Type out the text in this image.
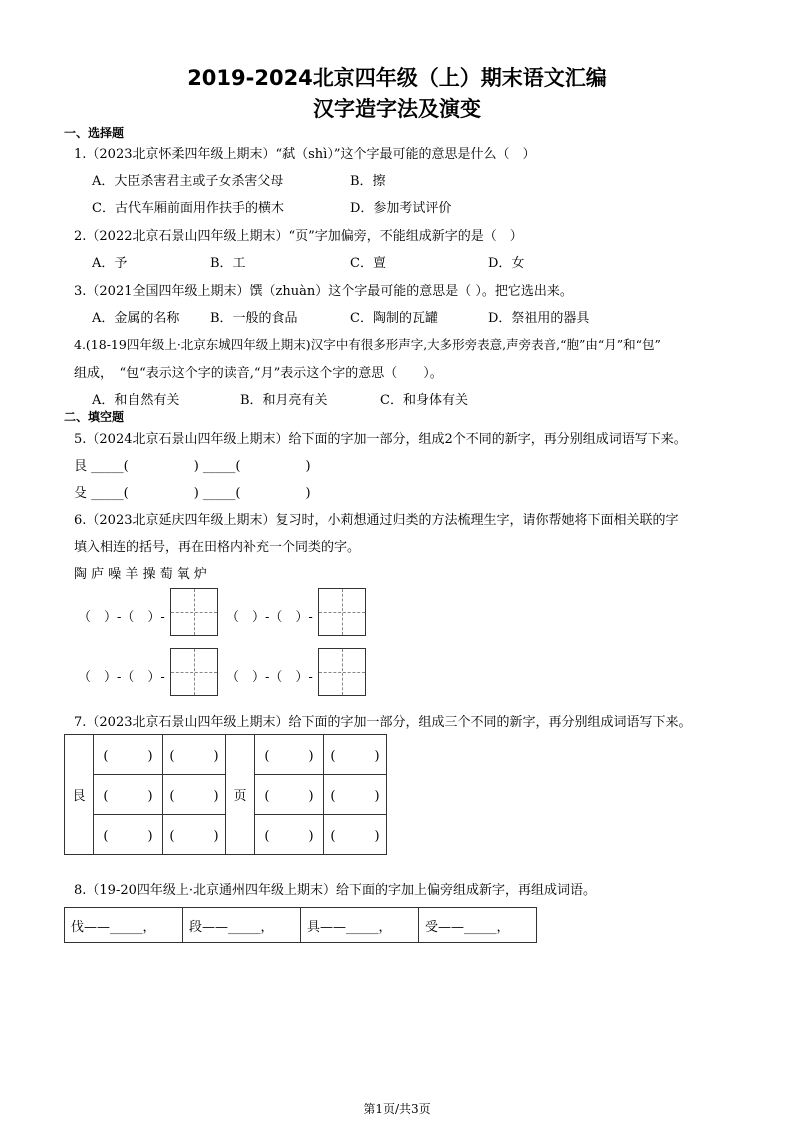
2019-2024北京四年级（上）期末语文汇编
汉字造字法及演变
一、选择题
1.（2023北京怀柔四年级上期末）“弑（shì）”这个字最可能的意思是什么（　）
A．大臣杀害君主或子女杀害父母	B．擦
C．古代车厢前面用作扶手的横木	D．参加考试评价
2.（2022北京石景山四年级上期末）“页”字加偏旁，不能组成新字的是（　）
A．予	B．工	C．亶	D．女
3.（2021全国四年级上期末）馔（zhuàn）这个字最可能的意思是（ ）。把它选出来。
A．金属的名称 B．一般的食品	C．陶制的瓦罐	D．祭祖用的器具
4.(18-19四年级上·北京东城四年级上期末)汉字中有很多形声字,大多形旁表意,声旁表音,“胞”由“月”和“包”
组成，　“包“表示这个字的读音,“月”表示这个字的意思（　　）。
A．和自然有关	B．和月亮有关	C．和身体有关
二、填空题
5.（2024北京石景山四年级上期末）给下面的字加一部分，组成2个不同的新字，再分别组成词语写下来。
艮 _____(　　　　　) _____(　　　　　)
殳 _____(　　　　　) _____(　　　　　)
6.（2023北京延庆四年级上期末）复习时，小莉想通过归类的方法梳理生字，请你帮她将下面相关联的字
填入相连的括号，再在田格内补充一个同类的字。
陶 庐 噪 羊 操 萄 氧 炉
（　）-（　）-	（　）-（　）-
（　）-（　）-	（　）-（　）-
7.（2023北京石景山四年级上期末）给下面的字加一部分，组成三个不同的新字，再分别组成词语写下来。
艮	(　　　)	(　　　)	页	(　　　)	(　　　)
	(　　　)	(　　　)		(　　　)	(　　　)
	(　　　)	(　　　)		(　　　)	(　　　)
8.（19-20四年级上·北京通州四年级上期末）给下面的字加上偏旁组成新字，再组成词语。
伐——_____，	段——_____，	具——_____，	受——_____，
第1页/共3页
